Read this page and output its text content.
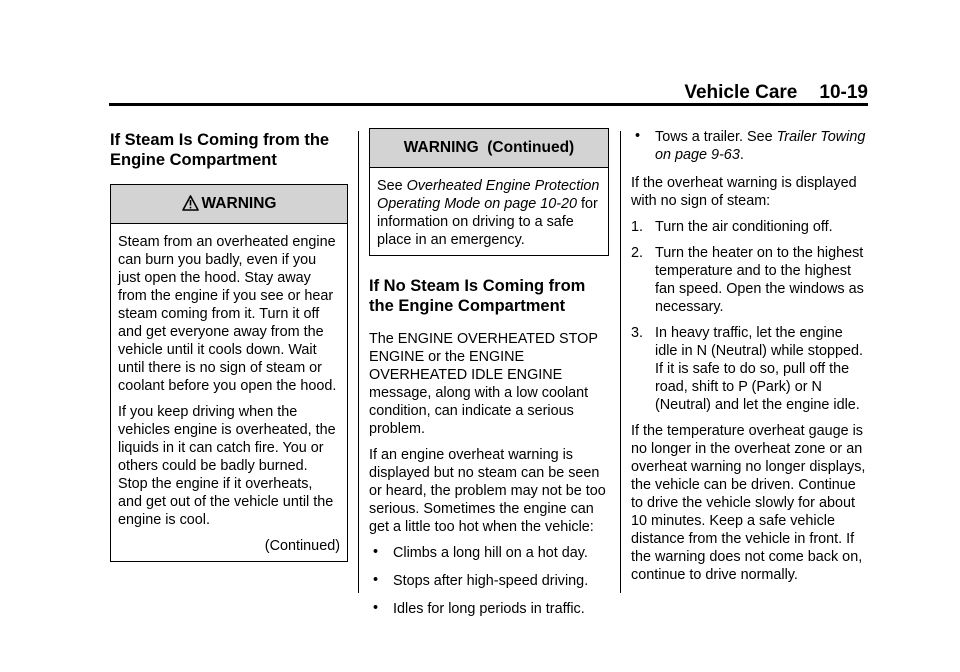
Vehicle Care 10-19
If Steam Is Coming from the Engine Compartment
WARNING

Steam from an overheated engine can burn you badly, even if you just open the hood. Stay away from the engine if you see or hear steam coming from it. Turn it off and get everyone away from the vehicle until it cools down. Wait until there is no sign of steam or coolant before you open the hood.

If you keep driving when the vehicles engine is overheated, the liquids in it can catch fire. You or others could be badly burned. Stop the engine if it overheats, and get out of the vehicle until the engine is cool.

(Continued)

WARNING  (Continued)

See Overheated Engine Protection Operating Mode on page 10-20 for information on driving to a safe place in an emergency.

If No Steam Is Coming from the Engine Compartment

The ENGINE OVERHEATED STOP ENGINE or the ENGINE OVERHEATED IDLE ENGINE message, along with a low coolant condition, can indicate a serious problem.

If an engine overheat warning is displayed but no steam can be seen or heard, the problem may not be too serious. Sometimes the engine can get a little too hot when the vehicle:

• Climbs a long hill on a hot day.
• Stops after high-speed driving.
• Idles for long periods in traffic.
• Tows a trailer. See Trailer Towing on page 9-63.

If the overheat warning is displayed with no sign of steam:

1. Turn the air conditioning off.
2. Turn the heater on to the highest temperature and to the highest fan speed. Open the windows as necessary.
3. In heavy traffic, let the engine idle in N (Neutral) while stopped. If it is safe to do so, pull off the road, shift to P (Park) or N (Neutral) and let the engine idle.

If the temperature overheat gauge is no longer in the overheat zone or an overheat warning no longer displays, the vehicle can be driven. Continue to drive the vehicle slowly for about 10 minutes. Keep a safe vehicle distance from the vehicle in front. If the warning does not come back on, continue to drive normally.
